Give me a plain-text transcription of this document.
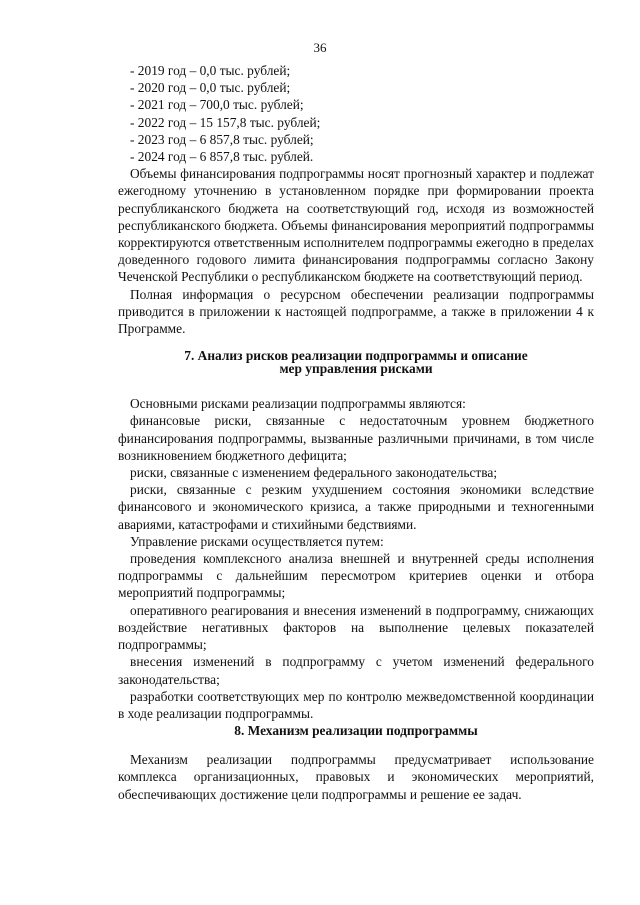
36
- 2019 год – 0,0 тыс. рублей;
- 2020 год – 0,0 тыс. рублей;
- 2021 год – 700,0 тыс. рублей;
- 2022 год – 15 157,8 тыс. рублей;
- 2023 год – 6 857,8 тыс. рублей;
- 2024 год – 6 857,8 тыс. рублей.

Объемы финансирования подпрограммы носят прогнозный характер и подлежат ежегодному уточнению в установленном порядке при формировании проекта республиканского бюджета на соответствующий год, исходя из возможностей республиканского бюджета. Объемы финансирования мероприятий подпрограммы корректируются ответственным исполнителем подпрограммы ежегодно в пределах доведенного годового лимита финансирования подпрограммы согласно Закону Чеченской Республики о республиканском бюджете на соответствующий период.

Полная информация о ресурсном обеспечении реализации подпрограммы приводится в приложении к настоящей подпрограмме, а также в приложении 4 к Программе.

7. Анализ рисков реализации подпрограммы и описание
мер управления рисками

Основными рисками реализации подпрограммы являются:

финансовые риски, связанные с недостаточным уровнем бюджетного финансирования подпрограммы, вызванные различными причинами, в том числе возникновением бюджетного дефицита;

риски, связанные с изменением федерального законодательства;

риски, связанные с резким ухудшением состояния экономики вследствие финансового и экономического кризиса, а также природными и техногенными авариями, катастрофами и стихийными бедствиями.

Управление рисками осуществляется путем:

проведения комплексного анализа внешней и внутренней среды исполнения подпрограммы с дальнейшим пересмотром критериев оценки и отбора мероприятий подпрограммы;

оперативного реагирования и внесения изменений в подпрограмму, снижающих воздействие негативных факторов на выполнение целевых показателей подпрограммы;

внесения изменений в подпрограмму с учетом изменений федерального законодательства;

разработки соответствующих мер по контролю межведомственной координации в ходе реализации подпрограммы.

8. Механизм реализации подпрограммы

Механизм реализации подпрограммы предусматривает использование комплекса организационных, правовых и экономических мероприятий, обеспечивающих достижение цели подпрограммы и решение ее задач.
